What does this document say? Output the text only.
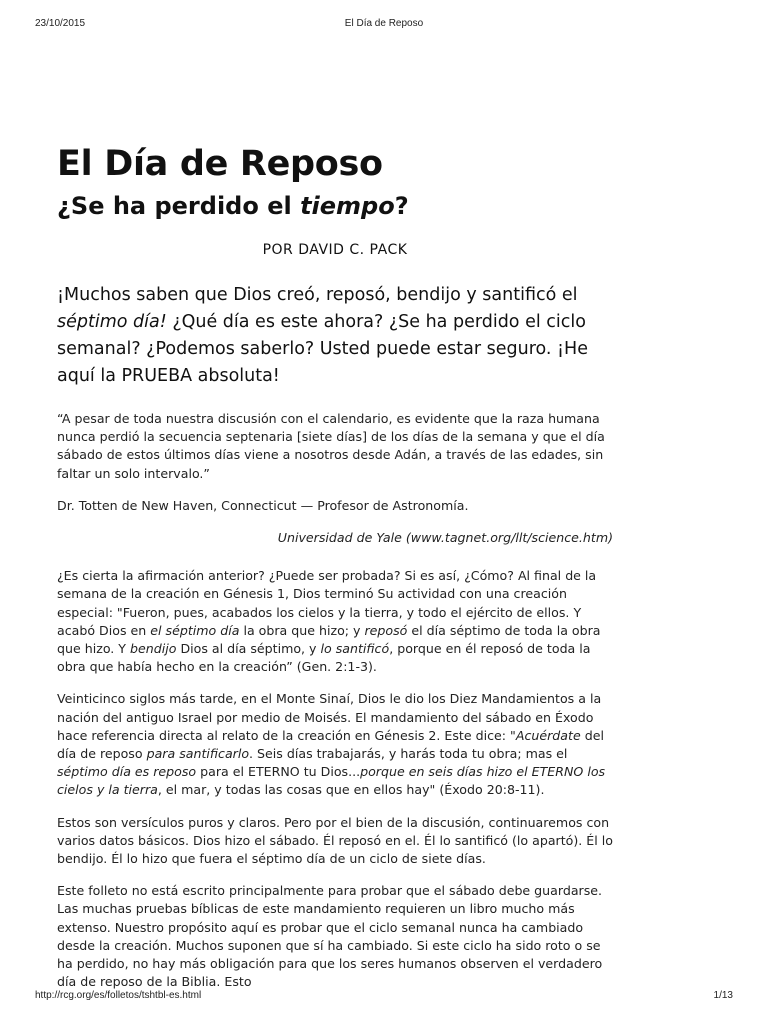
23/10/2015	El Día de Reposo
El Día de Reposo
¿Se ha perdido el tiempo?
POR DAVID C. PACK
¡Muchos saben que Dios creó, reposó, bendijo y santificó el séptimo día! ¿Qué día es este ahora? ¿Se ha perdido el ciclo semanal? ¿Podemos saberlo? Usted puede estar seguro. ¡He aquí la PRUEBA absoluta!
“A pesar de toda nuestra discusión con el calendario, es evidente que la raza humana nunca perdió la secuencia septenaria [siete días] de los días de la semana y que el día sábado de estos últimos días viene a nosotros desde Adán, a través de las edades, sin faltar un solo intervalo.”
Dr. Totten de New Haven, Connecticut — Profesor de Astronomía.
Universidad de Yale (www.tagnet.org/llt/science.htm)

¿Es cierta la afirmación anterior? ¿Puede ser probada? Si es así, ¿Cómo? Al final de la semana de la creación en Génesis 1, Dios terminó Su actividad con una creación especial: "Fueron, pues, acabados los cielos y la tierra, y todo el ejército de ellos. Y acabó Dios en el séptimo día la obra que hizo; y reposó el día séptimo de toda la obra que hizo. Y bendijo Dios al día séptimo, y lo santificó, porque en él reposó de toda la obra que había hecho en la creación” (Gen. 2:1-3).

Veinticinco siglos más tarde, en el Monte Sinaí, Dios le dio los Diez Mandamientos a la nación del antiguo Israel por medio de Moisés. El mandamiento del sábado en Éxodo hace referencia directa al relato de la creación en Génesis 2. Este dice: "Acuérdate del día de reposo para santificarlo. Seis días trabajarás, y harás toda tu obra; mas el séptimo día es reposo para el ETERNO tu Dios...porque en seis días hizo el ETERNO los cielos y la tierra, el mar, y todas las cosas que en ellos hay" (Éxodo 20:8-11).

Estos son versículos puros y claros. Pero por el bien de la discusión, continuaremos con varios datos básicos. Dios hizo el sábado. Él reposó en el. Él lo santificó (lo apartó). Él lo bendijo. Él lo hizo que fuera el séptimo día de un ciclo de siete días.

Este folleto no está escrito principalmente para probar que el sábado debe guardarse. Las muchas pruebas bíblicas de este mandamiento requieren un libro mucho más extenso. Nuestro propósito aquí es probar que el ciclo semanal nunca ha cambiado desde la creación. Muchos suponen que sí ha cambiado. Si este ciclo ha sido roto o se ha perdido, no hay más obligación para que los seres humanos observen el verdadero día de reposo de la Biblia. Esto

http://rcg.org/es/folletos/tshtbl-es.html	1/13
